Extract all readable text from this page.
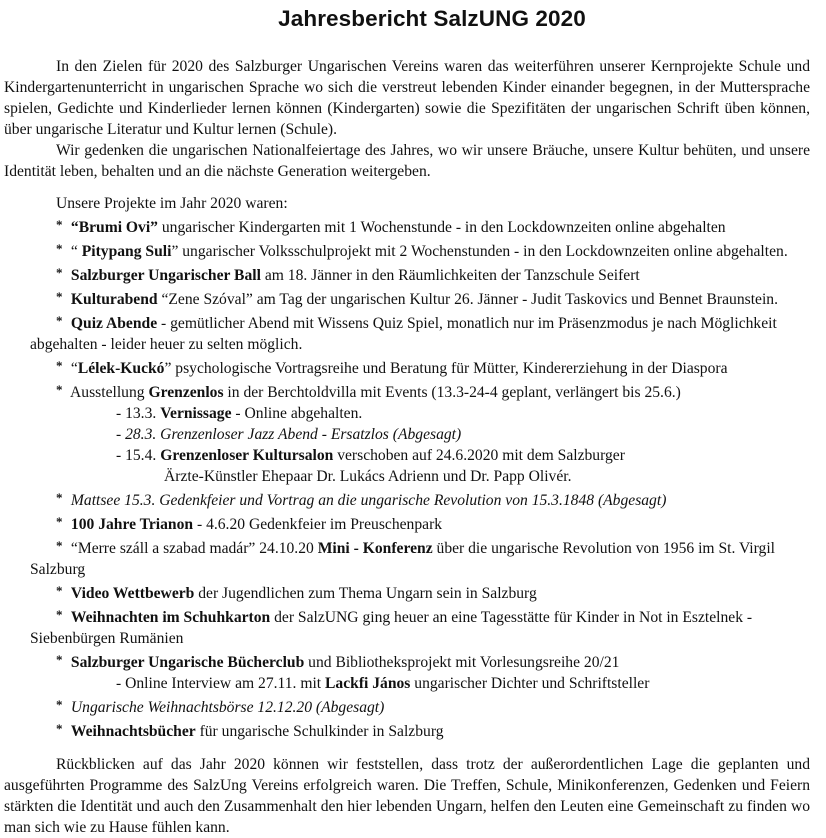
Jahresbericht SalzUNG 2020

In den Zielen für 2020 des Salzburger Ungarischen Vereins waren das weiterführen unserer Kernprojekte Schule und Kindergartenunterricht in ungarischen Sprache wo sich die verstreut lebenden Kinder einander begegnen, in der Muttersprache spielen, Gedichte und Kinderlieder lernen können (Kindergarten) sowie die Spezifitäten der ungarischen Schrift üben können, über ungarische Literatur und Kultur lernen (Schule).

Wir gedenken die ungarischen Nationalfeiertage des Jahres, wo wir unsere Bräuche, unsere Kultur behüten, und unsere Identität leben, behalten und an die nächste Generation weitergeben.

Unsere Projekte im Jahr 2020 waren:

* “Brumi Ovi” ungarischer Kindergarten mit 1 Wochenstunde - in den Lockdownzeiten online abgehalten

* “ Pitypang Suli” ungarischer Volksschulprojekt mit 2 Wochenstunden - in den Lockdownzeiten online abgehalten.

* Salzburger Ungarischer Ball am 18. Jänner in den Räumlichkeiten der Tanzschule Seifert

* Kulturabend “Zene Szóval” am Tag der ungarischen Kultur 26. Jänner - Judit Taskovics und Bennet Braunstein.

* Quiz Abende - gemütlicher Abend mit Wissens Quiz Spiel, monatlich nur im Präsenzmodus je nach Möglichkeit abgehalten - leider heuer zu selten möglich.

* “Lélek-Kuckó” psychologische Vortragsreihe und Beratung für Mütter, Kindererziehung in der Diaspora

* Ausstellung Grenzenlos in der Berchtoldvilla mit Events (13.3-24-4 geplant, verlängert bis 25.6.)

- 13.3. Vernissage - Online abgehalten.

- 28.3. Grenzenloser Jazz Abend - Ersatzlos (Abgesagt)

- 15.4. Grenzenloser Kultursalon verschoben auf 24.6.2020 mit dem Salzburger

Ärzte-Künstler Ehepaar Dr. Lukács Adrienn und Dr. Papp Olivér.

* Mattsee 15.3. Gedenkfeier und Vortrag an die ungarische Revolution von 15.3.1848 (Abgesagt)

* 100 Jahre Trianon - 4.6.20 Gedenkfeier im Preuschenpark

* “Merre száll a szabad madár” 24.10.20 Mini - Konferenz über die ungarische Revolution von 1956 im St. Virgil Salzburg

* Video Wettbewerb der Jugendlichen zum Thema Ungarn sein in Salzburg

* Weihnachten im Schuhkarton der SalzUNG ging heuer an eine Tagesstätte für Kinder in Not in Esztelnek - Siebenbürgen Rumänien

* Salzburger Ungarische Bücherclub und Bibliotheksprojekt mit Vorlesungsreihe 20/21

- Online Interview am 27.11. mit Lackfi János ungarischer Dichter und Schriftsteller

* Ungarische Weihnachtsbörse 12.12.20 (Abgesagt)

* Weihnachtsbücher für ungarische Schulkinder in Salzburg

Rückblicken auf das Jahr 2020 können wir feststellen, dass trotz der außerordentlichen Lage die geplanten und ausgeführten Programme des SalzUng Vereins erfolgreich waren. Die Treffen, Schule, Minikonferenzen, Gedenken und Feiern stärkten die Identität und auch den Zusammenhalt den hier lebenden Ungarn, helfen den Leuten eine Gemeinschaft zu finden wo man sich wie zu Hause fühlen kann.
